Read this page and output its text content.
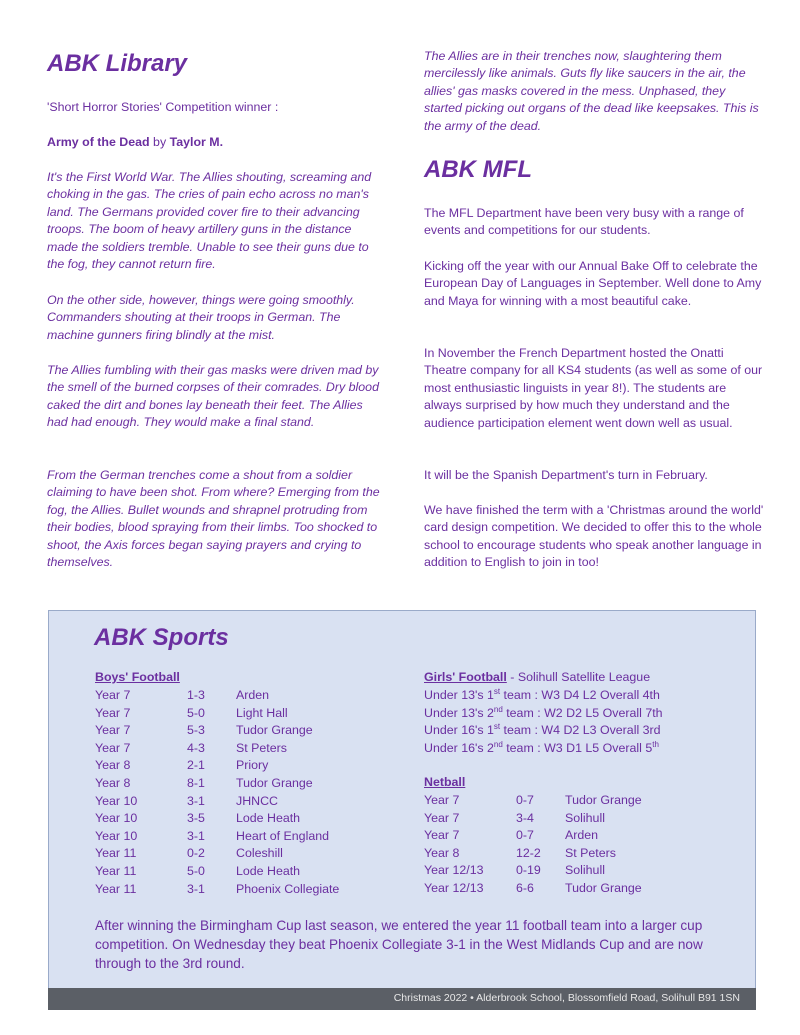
ABK Library

'Short Horror Stories' Competition winner :

Army of the Dead by Taylor M.

It's the First World War. The Allies shouting, screaming and choking in the gas. The cries of pain echo across no man's land. The Germans provided cover fire to their advancing troops. The boom of heavy artillery guns in the distance made the soldiers tremble. Unable to see their guns due to the fog, they cannot return fire.

On the other side, however, things were going smoothly. Commanders shouting at their troops in German. The machine gunners firing blindly at the mist.

The Allies fumbling with their gas masks were driven mad by the smell of the burned corpses of their comrades. Dry blood caked the dirt and bones lay beneath their feet. The Allies had had enough. They would make a final stand.

From the German trenches come a shout from a soldier claiming to have been shot. From where? Emerging from the fog, the Allies. Bullet wounds and shrapnel protruding from their bodies, blood spraying from their limbs. Too shocked to shoot, the Axis forces began saying prayers and crying to themselves.

The Allies are in their trenches now, slaughtering them mercilessly like animals. Guts fly like saucers in the air, the allies' gas masks covered in the mess. Unphased, they started picking out organs of the dead like keepsakes. This is the army of the dead.

ABK MFL

The MFL Department have been very busy with a range of events and competitions for our students.

Kicking off the year with our Annual Bake Off to celebrate the European Day of Languages in September. Well done to Amy and Maya for winning with a most beautiful cake.

In November the French Department hosted the Onatti Theatre company for all KS4 students (as well as some of our most enthusiastic linguists in year 8!). The students are always surprised by how much they understand and the audience participation element went down well as usual.

It will be the Spanish Department's turn in February.

We have finished the term with a 'Christmas around the world' card design competition. We decided to offer this to the whole school to encourage students who speak another language in addition to English to join in too!

ABK Sports
Boys' Football
Year 7	1-3	Arden
Year 7	5-0	Light Hall
Year 7	5-3	Tudor Grange
Year 7	4-3	St Peters
Year 8	2-1	Priory
Year 8	8-1	Tudor Grange
Year 10	3-1	JHNCC
Year 10	3-5	Lode Heath
Year 10	3-1	Heart of England
Year 11	0-2	Coleshill
Year 11	5-0	Lode Heath
Year 11	3-1	Phoenix Collegiate
Girls' Football - Solihull Satellite League
Under 13's 1st team : W3 D4 L2 Overall 4th
Under 13's 2nd team : W2 D2 L5 Overall 7th
Under 16's 1st team : W4 D2 L3 Overall 3rd
Under 16's 2nd team : W3 D1 L5 Overall 5th
Netball
Year 7	0-7	Tudor Grange
Year 7	3-4	Solihull
Year 7	0-7	Arden
Year 8	12-2 St Peters
Year 12/13	0-19 Solihull
Year 12/13	6-6	Tudor Grange

After winning the Birmingham Cup last season, we entered the year 11 football team into a larger cup competition. On Wednesday they beat Phoenix Collegiate 3-1 in the West Midlands Cup and are now through to the 3rd round.

Christmas 2022 • Alderbrook School, Blossomfield Road, Solihull B91 1SN
